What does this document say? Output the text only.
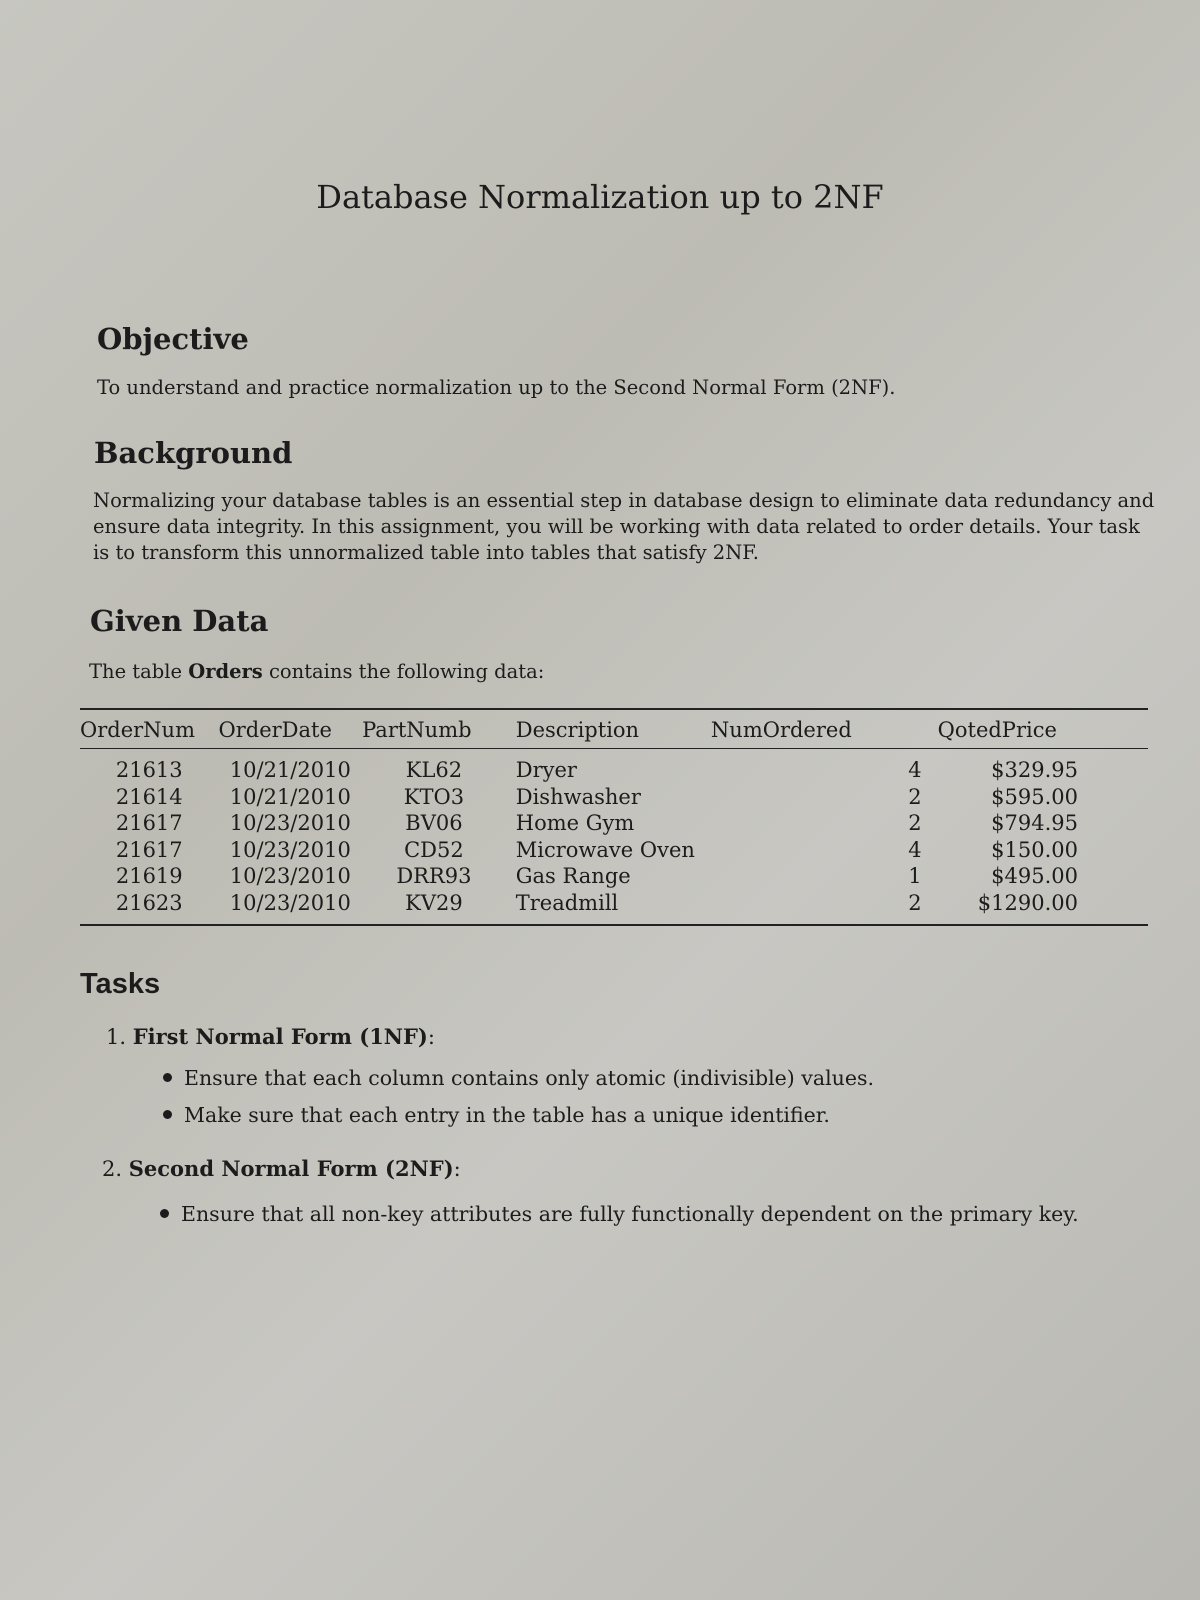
Database Normalization up to 2NF
Objective

To understand and practice normalization up to the Second Normal Form (2NF).

Background

Normalizing your database tables is an essential step in database design to eliminate data redundancy and

ensure data integrity. In this assignment, you will be working with data related to order details. Your task

is to transform this unnormalized table into tables that satisfy 2NF.

Given Data

The table Orders contains the following data:

OrderNum	OrderDate	PartNumb	Description	NumOrdered	QotedPrice
21613	10/21/2010	KL62	Dryer	4	$329.95
21614	10/21/2010	KTO3	Dishwasher	2	$595.00
21617	10/23/2010	BV06	Home Gym	2	$794.95
21617	10/23/2010	CD52	Microwave Oven	4	$150.00
21619	10/23/2010	DRR93	Gas Range	1	$495.00
21623	10/23/2010	KV29	Treadmill	2	$1290.00
Tasks

1. First Normal Form (1NF):

Ensure that each column contains only atomic (indivisible) values.

Make sure that each entry in the table has a unique identifier.

2. Second Normal Form (2NF):

Ensure that all non-key attributes are fully functionally dependent on the primary key.
